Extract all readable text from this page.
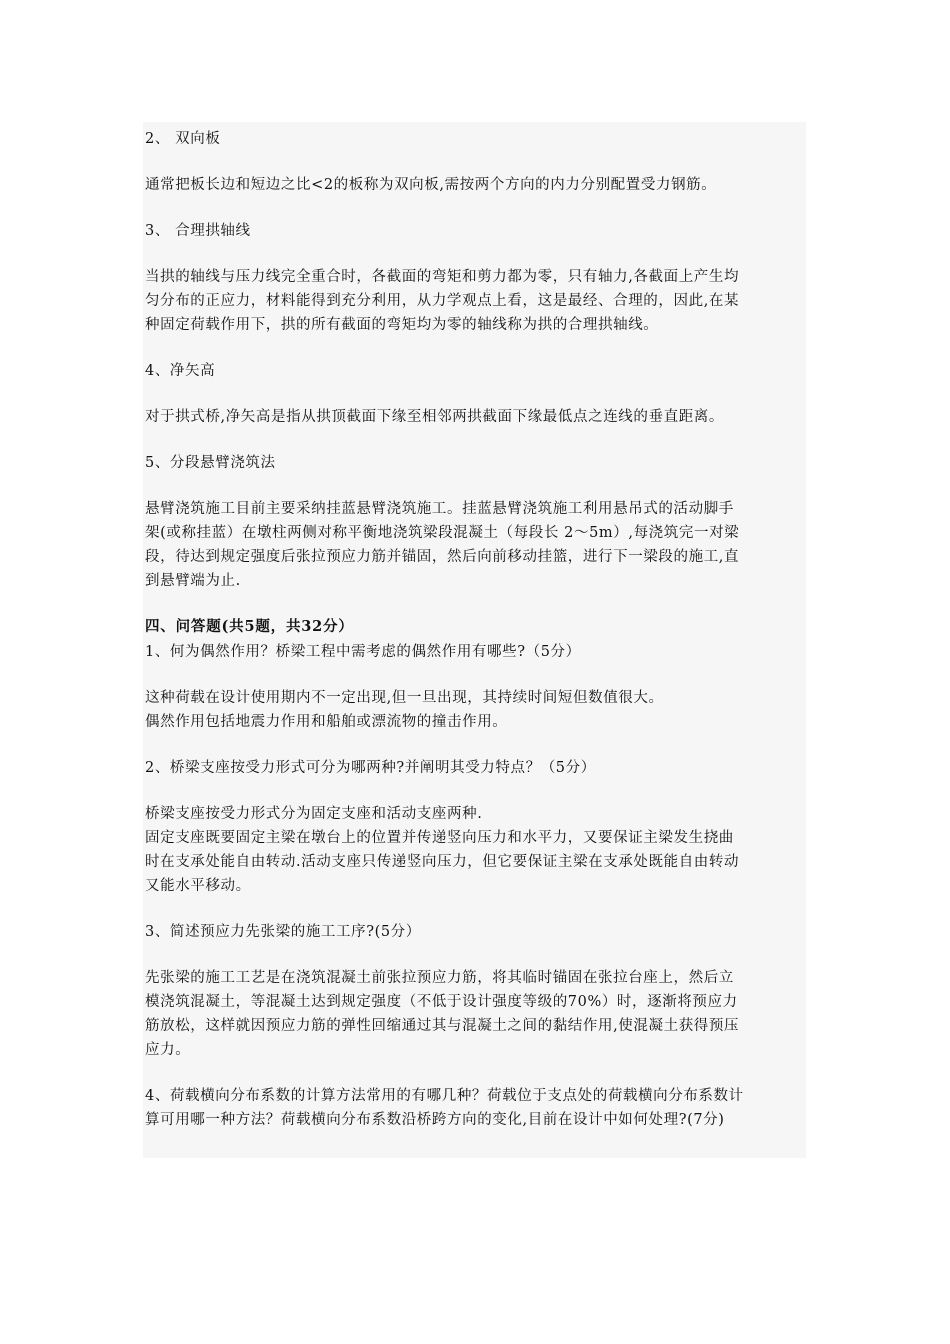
2、 双向板

通常把板长边和短边之比<2的板称为双向板,需按两个方向的内力分别配置受力钢筋。

3、 合理拱轴线

当拱的轴线与压力线完全重合时，各截面的弯矩和剪力都为零，只有轴力,各截面上产生均
匀分布的正应力，材料能得到充分利用，从力学观点上看，这是最经、合理的，因此,在某
种固定荷载作用下，拱的所有截面的弯矩均为零的轴线称为拱的合理拱轴线。

4、净矢高

对于拱式桥,净矢高是指从拱顶截面下缘至相邻两拱截面下缘最低点之连线的垂直距离。

5、分段悬臂浇筑法

悬臂浇筑施工目前主要采纳挂蓝悬臂浇筑施工。挂蓝悬臂浇筑施工利用悬吊式的活动脚手
架(或称挂蓝）在墩柱两侧对称平衡地浇筑梁段混凝土（每段长 2～5m）,每浇筑完一对梁
段，待达到规定强度后张拉预应力筋并锚固，然后向前移动挂篮，进行下一梁段的施工,直
到悬臂端为止.

四、问答题(共5题，共32分）

1、何为偶然作用？桥梁工程中需考虑的偶然作用有哪些?（5分）

这种荷载在设计使用期内不一定出现,但一旦出现，其持续时间短但数值很大。
偶然作用包括地震力作用和船舶或漂流物的撞击作用。

2、桥梁支座按受力形式可分为哪两种?并阐明其受力特点？（5分）

桥梁支座按受力形式分为固定支座和活动支座两种.
固定支座既要固定主梁在墩台上的位置并传递竖向压力和水平力，又要保证主梁发生挠曲
时在支承处能自由转动.活动支座只传递竖向压力，但它要保证主梁在支承处既能自由转动
又能水平移动。

3、简述预应力先张梁的施工工序?(5分）

先张梁的施工工艺是在浇筑混凝土前张拉预应力筋，将其临时锚固在张拉台座上，然后立
模浇筑混凝土，等混凝土达到规定强度（不低于设计强度等级的70%）时，逐渐将预应力
筋放松，这样就因预应力筋的弹性回缩通过其与混凝土之间的黏结作用,使混凝土获得预压
应力。

4、荷载横向分布系数的计算方法常用的有哪几种？荷载位于支点处的荷载横向分布系数计
算可用哪一种方法？荷载横向分布系数沿桥跨方向的变化,目前在设计中如何处理?(7分)
